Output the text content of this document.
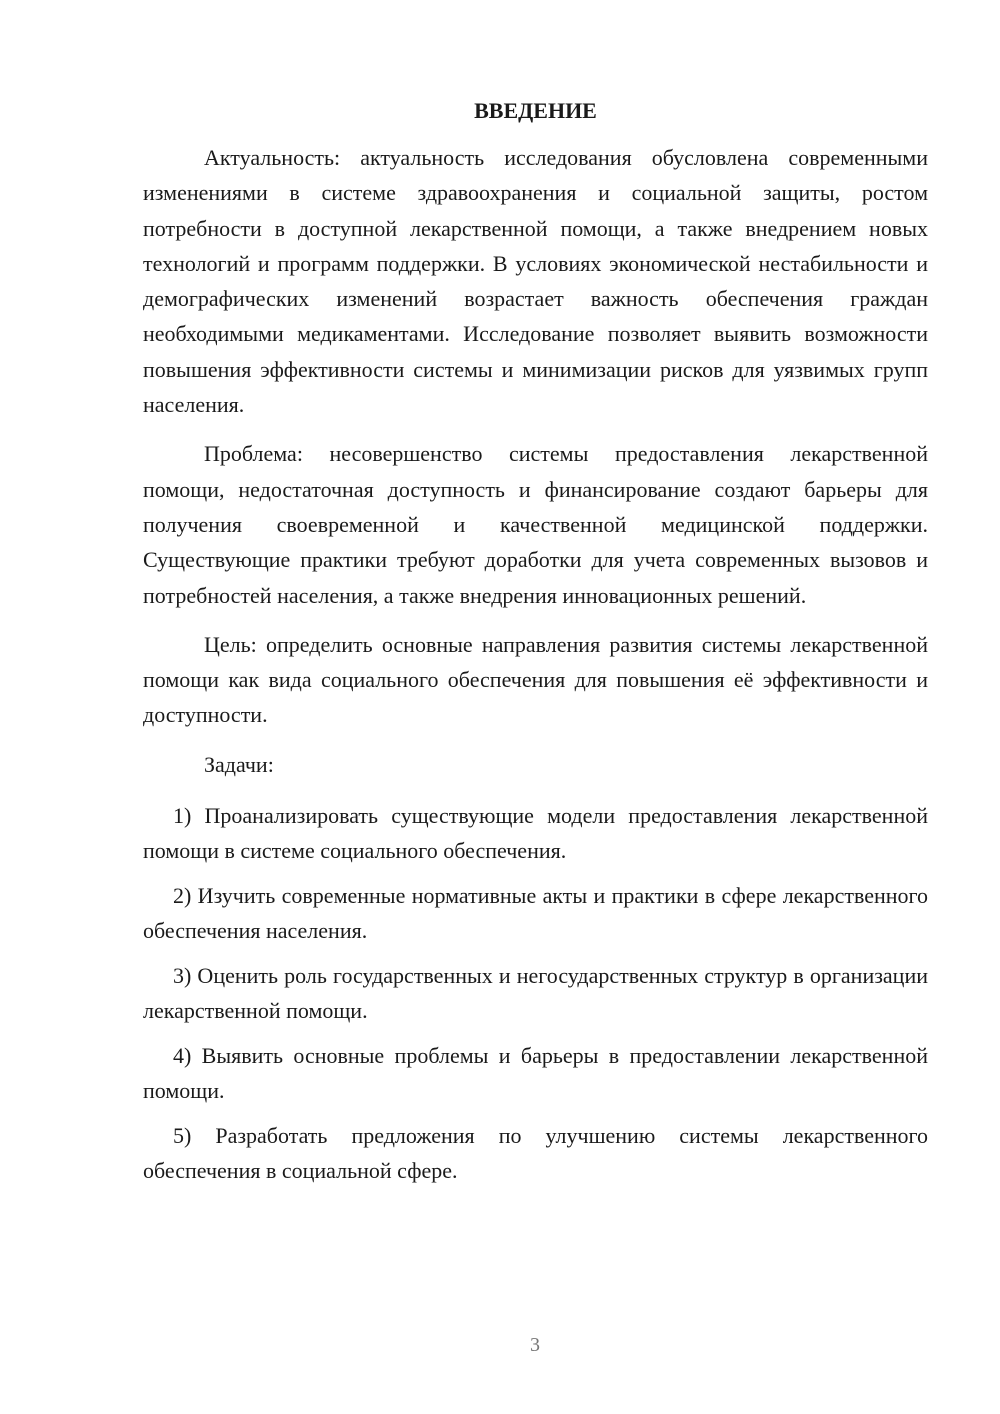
ВВЕДЕНИЕ

Актуальность: актуальность исследования обусловлена современными изменениями в системе здравоохранения и социальной защиты, ростом потребности в доступной лекарственной помощи, а также внедрением новых технологий и программ поддержки. В условиях экономической нестабильности и демографических изменений возрастает важность обеспечения граждан необходимыми медикаментами. Исследование позволяет выявить возможности повышения эффективности системы и минимизации рисков для уязвимых групп населения.

Проблема: несовершенство системы предоставления лекарственной помощи, недостаточная доступность и финансирование создают барьеры для получения своевременной и качественной медицинской поддержки. Существующие практики требуют доработки для учета современных вызовов и потребностей населения, а также внедрения инновационных решений.

Цель: определить основные направления развития системы лекарственной помощи как вида социального обеспечения для повышения её эффективности и доступности.

Задачи:

1) Проанализировать существующие модели предоставления лекарственной помощи в системе социального обеспечения.

2) Изучить современные нормативные акты и практики в сфере лекарственного обеспечения населения.

3) Оценить роль государственных и негосударственных структур в организации лекарственной помощи.

4) Выявить основные проблемы и барьеры в предоставлении лекарственной помощи.

5) Разработать предложения по улучшению системы лекарственного обеспечения в социальной сфере.

3
